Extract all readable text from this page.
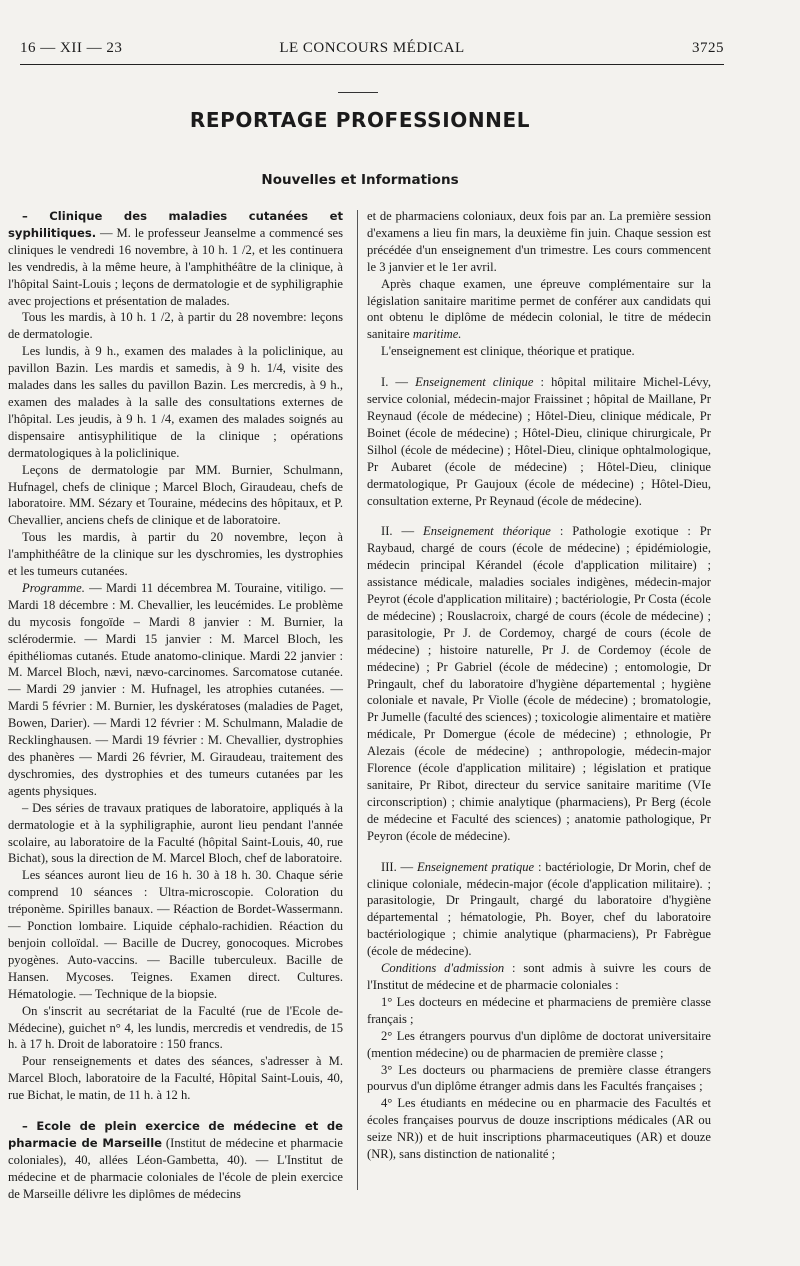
16 — XII — 23	LE CONCOURS MÉDICAL	3725
REPORTAGE PROFESSIONNEL
Nouvelles et Informations

– Clinique des maladies cutanées et syphilitiques. — M. le professeur Jeanselme a commencé ses cliniques le vendredi 16 novembre, à 10 h. 1 /2, et les continuera les vendredis, à la même heure, à l'amphithéâtre de la clinique, à l'hôpital Saint-Louis ; leçons de dermatologie et de syphiligraphie avec projections et présentation de malades.

Tous les mardis, à 10 h. 1 /2, à partir du 28 novembre: leçons de dermatologie.

Les lundis, à 9 h., examen des malades à la policlinique, au pavillon Bazin. Les mardis et samedis, à 9 h. 1/4, visite des malades dans les salles du pavillon Bazin. Les mercredis, à 9 h., examen des malades à la salle des consultations externes de l'hôpital. Les jeudis, à 9 h. 1 /4, examen des malades soignés au dispensaire antisyphilitique de la clinique ; opérations dermatologiques à la policlinique.

Leçons de dermatologie par MM. Burnier, Schulmann, Hufnagel, chefs de clinique ; Marcel Bloch, Giraudeau, chefs de laboratoire. MM. Sézary et Touraine, médecins des hôpitaux, et P. Chevallier, anciens chefs de clinique et de laboratoire.

Tous les mardis, à partir du 20 novembre, leçon à l'amphithéâtre de la clinique sur les dyschromies, les dystrophies et les tumeurs cutanées.

Programme. — Mardi 11 décembrea M. Touraine, vitiligo. — Mardi 18 décembre : M. Chevallier, les leucémides. Le problème du mycosis fongoïde – Mardi 8 janvier : M. Burnier, la sclérodermie. — Mardi 15 janvier : M. Marcel Bloch, les épithéliomas cutanés. Etude anatomo-clinique. Mardi 22 janvier : M. Marcel Bloch, nævi, nævo-carcinomes. Sarcomatose cutanée. — Mardi 29 janvier : M. Hufnagel, les atrophies cutanées. — Mardi 5 février : M. Burnier, les dyskératoses (maladies de Paget, Bowen, Darier). — Mardi 12 février : M. Schulmann, Maladie de Recklinghausen. — Mardi 19 février : M. Chevallier, dystrophies des phanères — Mardi 26 février, M. Giraudeau, traitement des dyschromies, des dystrophies et des tumeurs cutanées par les agents physiques.

– Des séries de travaux pratiques de laboratoire, appliqués à la dermatologie et à la syphiligraphie, auront lieu pendant l'année scolaire, au laboratoire de la Faculté (hôpital Saint-Louis, 40, rue Bichat), sous la direction de M. Marcel Bloch, chef de laboratoire.

Les séances auront lieu de 16 h. 30 à 18 h. 30. Chaque série comprend 10 séances : Ultra-microscopie. Coloration du tréponème. Spirilles banaux. — Réaction de Bordet-Wassermann. — Ponction lombaire. Liquide céphalo-rachidien. Réaction du benjoin colloïdal. — Bacille de Ducrey, gonocoques. Microbes pyogènes. Auto-vaccins. — Bacille tuberculeux. Bacille de Hansen. Mycoses. Teignes. Examen direct. Cultures. Hématologie. — Technique de la biopsie.

On s'inscrit au secrétariat de la Faculté (rue de l'Ecole de-Médecine), guichet n° 4, les lundis, mercredis et vendredis, de 15 h. à 17 h. Droit de laboratoire : 150 francs.

Pour renseignements et dates des séances, s'adresser à M. Marcel Bloch, laboratoire de la Faculté, Hôpital Saint-Louis, 40, rue Bichat, le matin, de 11 h. à 12 h.

– Ecole de plein exercice de médecine et de pharmacie de Marseille (Institut de médecine et pharmacie coloniales), 40, allées Léon-Gambetta, 40). — L'Institut de médecine et de pharmacie coloniales de l'école de plein exercice de Marseille délivre les diplômes de médecins

et de pharmaciens coloniaux, deux fois par an. La première session d'examens a lieu fin mars, la deuxième fin juin. Chaque session est précédée d'un enseignement d'un trimestre. Les cours commencent le 3 janvier et le 1er avril.

Après chaque examen, une épreuve complémentaire sur la législation sanitaire maritime permet de conférer aux candidats qui ont obtenu le diplôme de médecin colonial, le titre de médecin sanitaire maritime.

L'enseignement est clinique, théorique et pratique.

I. — Enseignement clinique : hôpital militaire Michel-Lévy, service colonial, médecin-major Fraissinet ; hôpital de Maillane, Pr Reynaud (école de médecine) ; Hôtel-Dieu, clinique médicale, Pr Boinet (école de médecine) ; Hôtel-Dieu, clinique chirurgicale, Pr Silhol (école de médecine) ; Hôtel-Dieu, clinique ophtalmologique, Pr Aubaret (école de médecine) ; Hôtel-Dieu, clinique dermatologique, Pr Gaujoux (école de médecine) ; Hôtel-Dieu, consultation externe, Pr Reynaud (école de médecine).

II. — Enseignement théorique : Pathologie exotique : Pr Raybaud, chargé de cours (école de médecine) ; épidémiologie, médecin principal Kérandel (école d'application militaire) ; assistance médicale, maladies sociales indigènes, médecin-major Peyrot (école d'application militaire) ; bactériologie, Pr Costa (école de médecine) ; Rouslacroix, chargé de cours (école de médecine) ; parasitologie, Pr J. de Cordemoy, chargé de cours (école de médecine) ; histoire naturelle, Pr J. de Cordemoy (école de médecine) ; Pr Gabriel (école de médecine) ; entomologie, Dr Pringault, chef du laboratoire d'hygiène départemental ; hygiène coloniale et navale, Pr Violle (école de médecine) ; bromatologie, Pr Jumelle (faculté des sciences) ; toxicologie alimentaire et matière médicale, Pr Domergue (école de médecine) ; ethnologie, Pr Alezais (école de médecine) ; anthropologie, médecin-major Florence (école d'application militaire) ; législation et pratique sanitaire, Pr Ribot, directeur du service sanitaire maritime (VIe circonscription) ; chimie analytique (pharmaciens), Pr Berg (école de médecine et Faculté des sciences) ; anatomie pathologique, Pr Peyron (école de médecine).

III. — Enseignement pratique : bactériologie, Dr Morin, chef de clinique coloniale, médecin-major (école d'application militaire). ; parasitologie, Dr Pringault, chargé du laboratoire d'hygiène départemental ; hématologie, Ph. Boyer, chef du laboratoire bactériologique ; chimie analytique (pharmaciens), Pr Fabrègue (école de médecine).

Conditions d'admission : sont admis à suivre les cours de l'Institut de médecine et de pharmacie coloniales :

1° Les docteurs en médecine et pharmaciens de première classe français ;

2° Les étrangers pourvus d'un diplôme de doctorat universitaire (mention médecine) ou de pharmacien de première classe ;

3° Les docteurs ou pharmaciens de première classe étrangers pourvus d'un diplôme étranger admis dans les Facultés françaises ;

4° Les étudiants en médecine ou en pharmacie des Facultés et écoles françaises pourvus de douze inscriptions médicales (AR ou seize NR)) et de huit inscriptions pharmaceutiques (AR) et douze (NR), sans distinction de nationalité ;
